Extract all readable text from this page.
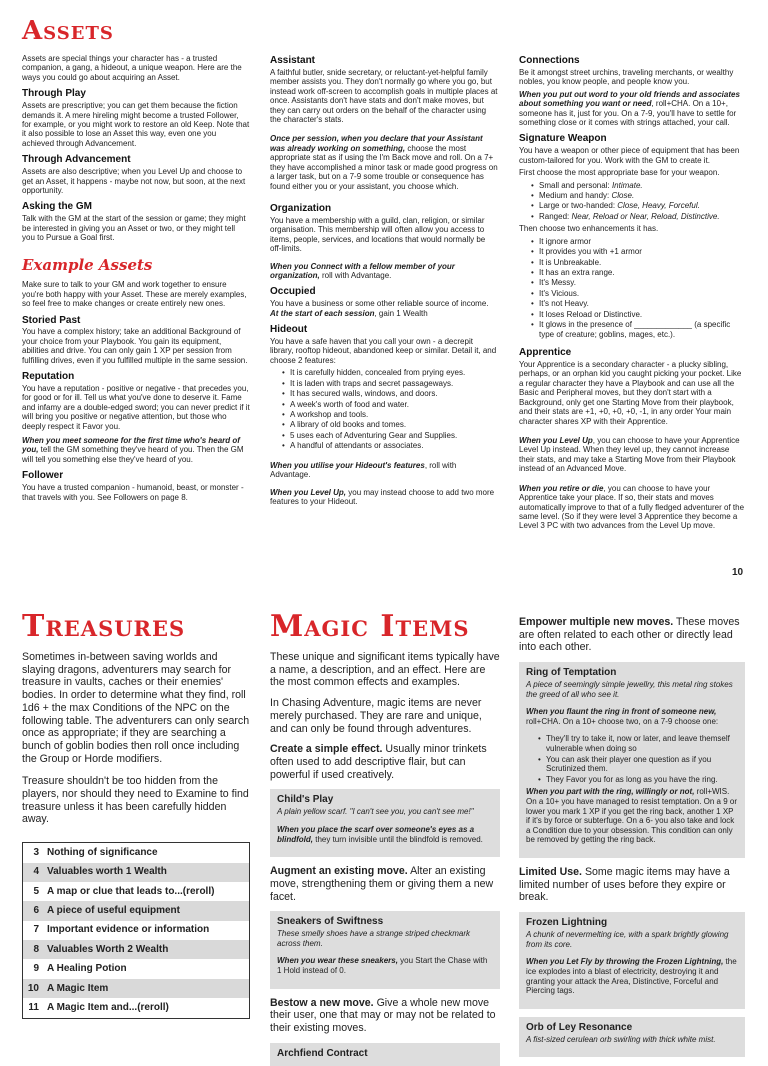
Assets

Assets are special things your character has - a trusted companion, a gang, a hideout, a unique weapon. Here are the ways you could go about acquiring an Asset.

Through Play

Assets are prescriptive; you can get them because the fiction demands it. A mere hireling might become a trusted Follower, for example, or you might work to restore an old Keep. Note that it also possible to lose an Asset this way, even one you achieved through Advancement.

Through Advancement

Assets are also descriptive; when you Level Up and choose to get an Asset, it happens - maybe not now, but soon, at the next opportunity.

Asking the GM

Talk with the GM at the start of the session or game; they might be interested in giving you an Asset or two, or they might tell you to Pursue a Goal first.

Example Assets

Make sure to talk to your GM and work together to ensure you're both happy with your Asset. These are merely examples, so feel free to make changes or create entirely new ones.

Storied Past

You have a complex history; take an additional Background of your choice from your Playbook. You gain its equipment, abilities and drive. You can only gain 1 XP per session from fulfilling drives, even if you fulfilled multiple in the same session.

Reputation

You have a reputation - positive or negative - that precedes you, for good or for ill. Tell us what you've done to deserve it. Fame and infamy are a double-edged sword; you can never predict if it will bring you positive or negative attention, but those who deeply respect it Favor you.

When you meet someone for the first time who's heard of you, tell the GM something they've heard of you. Then the GM will tell you something else they've heard of you.

Follower

You have a trusted companion - humanoid, beast, or monster - that travels with you. See Followers on page 8.

Assistant

A faithful butler, snide secretary, or reluctant-yet-helpful family member assists you. They don't normally go where you go, but instead work off-screen to accomplish goals in multiple places at once. Assistants don't have stats and don't make moves, but they can carry out orders on the behalf of the character using the character's stats.

Once per session, when you declare that your Assistant was already working on something, choose the most appropriate stat as if using the I'm Back move and roll. On a 7+ they have accomplished a minor task or made good progress on a larger task, but on a 7-9 some trouble or consequence has found either you or your assistant, you choose which.

Organization

You have a membership with a guild, clan, religion, or similar organisation. This membership will often allow you access to items, people, services, and locations that would normally be off-limits.

When you Connect with a fellow member of your organization, roll with Advantage.

Occupied

You have a business or some other reliable source of income. At the start of each session, gain 1 Wealth

Hideout

You have a safe haven that you call your own - a decrepit library, rooftop hideout, abandoned keep or similar. Detail it, and choose 2 features:

• It is carefully hidden, concealed from prying eyes.
• It is laden with traps and secret passageways.
• It has secured walls, windows, and doors.
• A week's worth of food and water.
• A workshop and tools.
• A library of old books and tomes.
• 5 uses each of Adventuring Gear and Supplies.
• A handful of attendants or associates.

When you utilise your Hideout's features, roll with Advantage.

When you Level Up, you may instead choose to add two more features to your Hideout.

Connections

Be it amongst street urchins, traveling merchants, or wealthy nobles, you know people, and people know you.

When you put out word to your old friends and associates about something you want or need, roll+CHA. On a 10+, someone has it, just for you. On a 7-9, you'll have to settle for something close or it comes with strings attached, your call.

Signature Weapon

You have a weapon or other piece of equipment that has been custom-tailored for you. Work with the GM to create it.

First choose the most appropriate base for your weapon.

• Small and personal: Intimate.
• Medium and handy: Close.
• Large or two-handed: Close, Heavy, Forceful.
• Ranged: Near, Reload or Near, Reload, Distinctive.

Then choose two enhancements it has.

• It ignore armor
• It provides you with +1 armor
• It is Unbreakable.
• It has an extra range.
• It's Messy.
• It's Vicious.
• It's not Heavy.
• It loses Reload or Distinctive.
• It glows in the presence of _____________ (a specific type of creature; goblins, mages, etc.).
Apprentice

Your Apprentice is a secondary character - a plucky sibling, perhaps, or an orphan kid you caught picking your pocket. Like a regular character they have a Playbook and can use all the Basic and Peripheral moves, but they don't start with a Background, only get one Starting Move from their playbook, and their stats are +1, +0, +0, +0, -1, in any order Your main character shares XP with their Apprentice.

When you Level Up, you can choose to have your Apprentice Level Up instead. When they level up, they cannot increase their stats, and may take a Starting Move from their Playbook instead of an Advanced Move.

When you retire or die, you can choose to have your Apprentice take your place. If so, their stats and moves automatically improve to that of a fully fledged adventurer of the same level. (So if they were level 3 Apprentice they become a Level 3 PC with two advances from the Level Up move.

10
Treasures

Sometimes in-between saving worlds and slaying dragons, adventurers may search for treasure in vaults, caches or their enemies' bodies. In order to determine what they find, roll 1d6 + the max Conditions of the NPC on the following table. The adventurers can only search once as appropriate; if they are searching a bunch of goblin bodies then roll once including the Group or Horde modifiers.

Treasure shouldn't be too hidden from the players, nor should they need to Examine to find treasure unless it has been carefully hidden away.

3 Nothing of significance
4 Valuables worth 1 Wealth
5 A map or clue that leads to...(reroll)
6 A piece of useful equipment
7 Important evidence or information
8 Valuables Worth 2 Wealth
9 A Healing Potion
10 A Magic Item
11 A Magic Item and...(reroll)
Magic Items

These unique and significant items typically have a name, a description, and an effect. Here are the most common effects and examples.

In Chasing Adventure, magic items are never merely purchased. They are rare and unique, and can only be found through adventures.

Create a simple effect. Usually minor trinkets often used to add descriptive flair, but can powerful if used creatively.

Child's Play

A plain yellow scarf. "I can't see you, you can't see me!"

When you place the scarf over someone's eyes as a blindfold, they turn invisible until the blindfold is removed.

Augment an existing move. Alter an existing move, strengthening them or giving them a new facet.

Sneakers of Swiftness

These smelly shoes have a strange striped checkmark across them.

When you wear these sneakers, you Start the Chase with 1 Hold instead of 0.

Bestow a new move. Give a whole new move their user, one that may or may not be related to their existing moves.

Archfiend Contract

Empower multiple new moves. These moves are often related to each other or directly lead into each other.

Ring of Temptation

A piece of seemingly simple jewellry, this metal ring stokes the greed of all who see it.

When you flaunt the ring in front of someone new, roll+CHA. On a 10+ choose two, on a 7-9 choose one:

• They'll try to take it, now or later, and leave themself vulnerable when doing so
• You can ask their player one question as if you Scrutinized them.
• They Favor you for as long as you have the ring.

When you part with the ring, willingly or not, roll+WIS. On a 10+ you have managed to resist temptation. On a 9 or lower you mark 1 XP if you get the ring back, another 1 XP if it's by force or subterfuge. On a 6- you also take and lock a Condition due to your obsession. This condition can only be removed by getting the ring back.

Limited Use. Some magic items may have a limited number of uses before they expire or break.

Frozen Lightning

A chunk of nevermelting ice, with a spark brightly glowing from its core.

When you Let Fly by throwing the Frozen Lightning, the ice explodes into a blast of electricity, destroying it and granting your attack the Area, Distinctive, Forceful and Piercing tags.

Orb of Ley Resonance

A fist-sized cerulean orb swirling with thick white mist.
